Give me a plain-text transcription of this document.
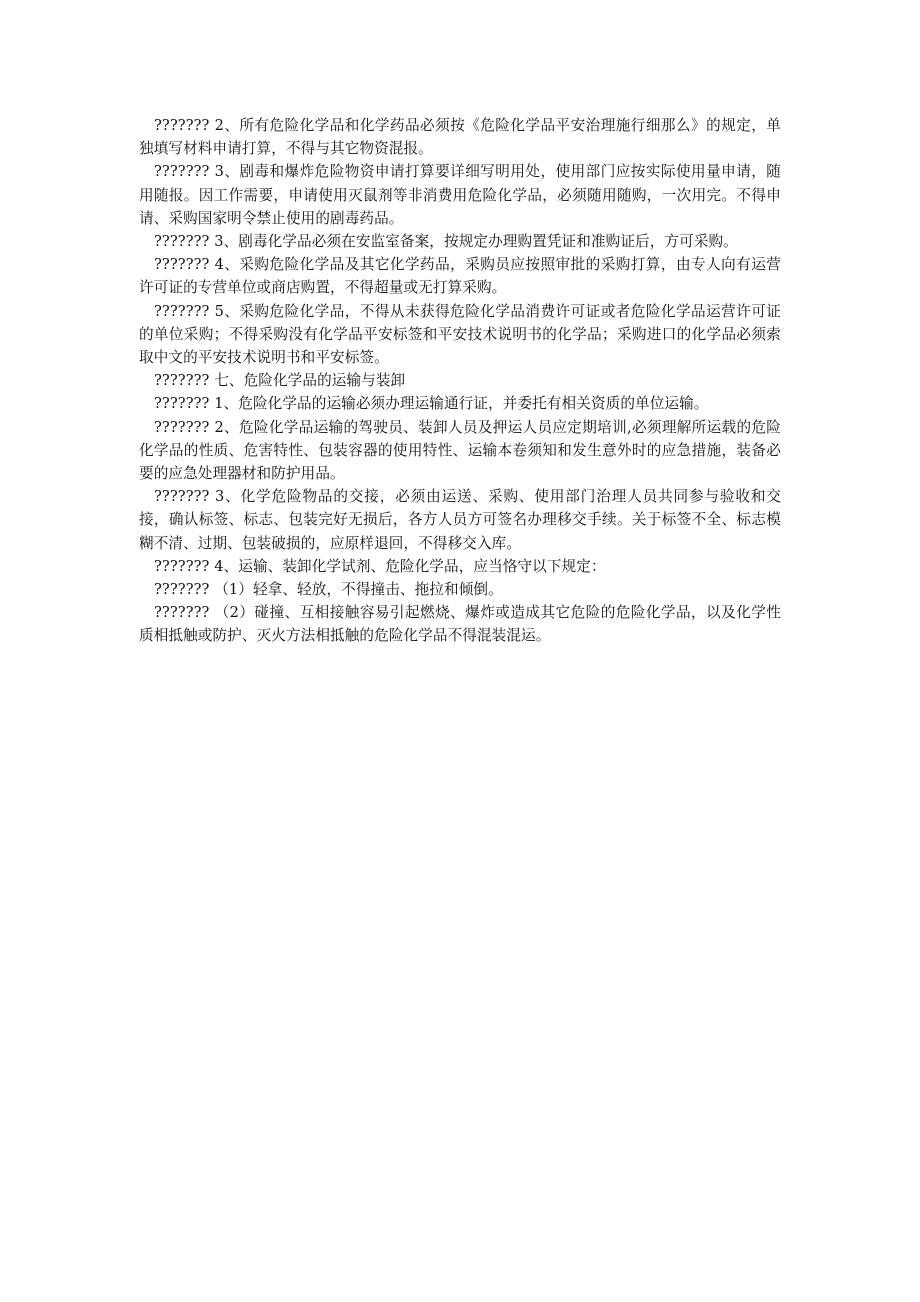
??????? 2、所有危险化学品和化学药品必须按《危险化学品平安治理施行细那么》的规定，单独填写材料申请打算，不得与其它物资混报。

??????? 3、剧毒和爆炸危险物资申请打算要详细写明用处，使用部门应按实际使用量申请，随用随报。因工作需要，申请使用灭鼠剂等非消费用危险化学品，必须随用随购，一次用完。不得申请、采购国家明令禁止使用的剧毒药品。

??????? 3、剧毒化学品必须在安监室备案，按规定办理购置凭证和准购证后，方可采购。

??????? 4、采购危险化学品及其它化学药品，采购员应按照审批的采购打算，由专人向有运营许可证的专营单位或商店购置，不得超量或无打算采购。

??????? 5、采购危险化学品，不得从未获得危险化学品消费许可证或者危险化学品运营许可证的单位采购；不得采购没有化学品平安标签和平安技术说明书的化学品；采购进口的化学品必须索取中文的平安技术说明书和平安标签。

??????? 七、危险化学品的运输与装卸

??????? 1、危险化学品的运输必须办理运输通行证，并委托有相关资质的单位运输。

??????? 2、危险化学品运输的驾驶员、装卸人员及押运人员应定期培训,必须理解所运载的危险化学品的性质、危害特性、包装容器的使用特性、运输本卷须知和发生意外时的应急措施，装备必要的应急处理器材和防护用品。

??????? 3、化学危险物品的交接，必须由运送、采购、使用部门治理人员共同参与验收和交接，确认标签、标志、包装完好无损后，各方人员方可签名办理移交手续。关于标签不全、标志模糊不清、过期、包装破损的，应原样退回，不得移交入库。

??????? 4、运输、装卸化学试剂、危险化学品，应当恪守以下规定：

??????? （1）轻拿、轻放，不得撞击、拖拉和倾倒。

??????? （2）碰撞、互相接触容易引起燃烧、爆炸或造成其它危险的危险化学品，以及化学性质相抵触或防护、灭火方法相抵触的危险化学品不得混装混运。
